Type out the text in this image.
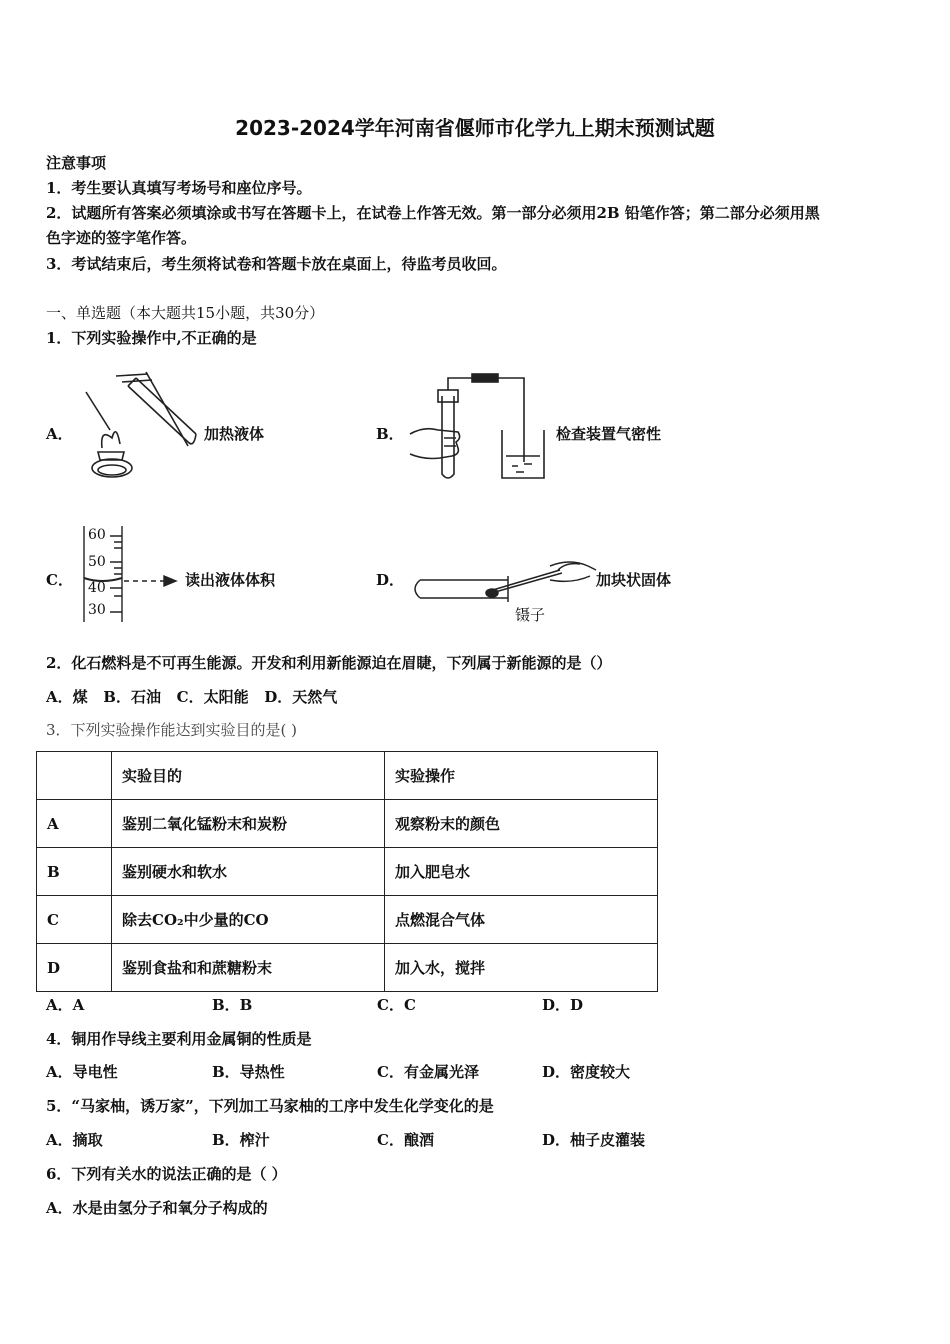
2023-2024学年河南省偃师市化学九上期末预测试题
注意事项
1．考生要认真填写考场号和座位序号。
2．试题所有答案必须填涂或书写在答题卡上，在试卷上作答无效。第一部分必须用2B 铅笔作答；第二部分必须用黑
色字迹的签字笔作答。
3．考试结束后，考生须将试卷和答题卡放在桌面上，待监考员收回。
一、单选题（本大题共15小题，共30分）
1．下列实验操作中,不正确的是
A．	加热液体	B．	检查装置气密性
C．
60
50
40
30
读出液体体积	D．
镊子
加块状固体
2．化石燃料是不可再生能源。开发和利用新能源迫在眉睫，下列属于新能源的是（）
A．煤   B．石油   C．太阳能   D．天然气
3．下列实验操作能达到实验目的是( )
	实验目的	实验操作
A	鉴别二氧化锰粉末和炭粉	观察粉末的颜色
B	鉴别硬水和软水	加入肥皂水
C	除去CO₂中少量的CO	点燃混合气体
D	鉴别食盐和和蔗糖粉末	加入水，搅拌
A．A	B．B	C．C	D．D
4．铜用作导线主要利用金属铜的性质是
A．导电性	B．导热性	C．有金属光泽	D．密度较大
5．“马家柚，诱万家”，下列加工马家柚的工序中发生化学变化的是
A．摘取	B．榨汁	C．酿酒	D．柚子皮灌装
6．下列有关水的说法正确的是（ ）
A．水是由氢分子和氧分子构成的
